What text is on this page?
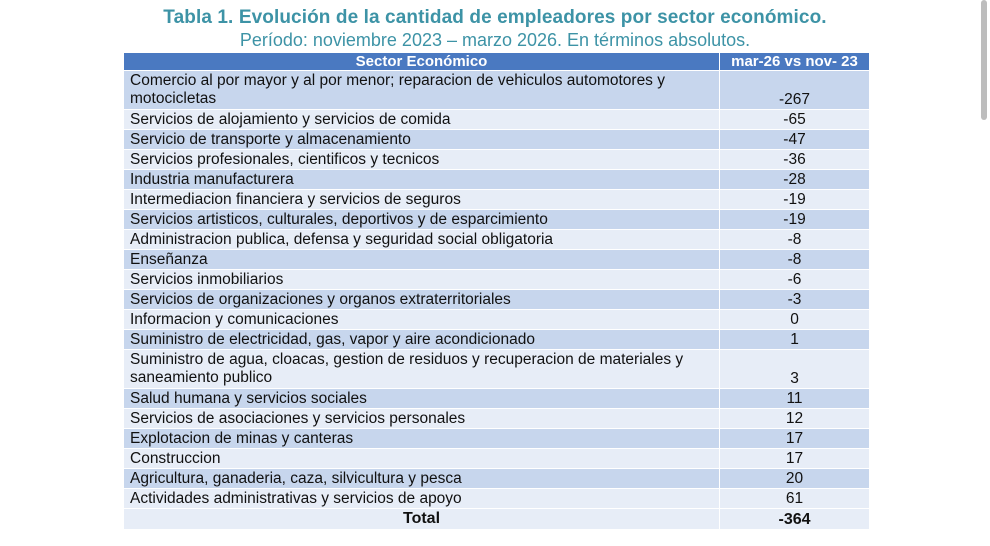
Tabla 1. Evolución de la cantidad de empleadores por sector económico.
Período: noviembre 2023 – marzo 2026. En términos absolutos.
Sector Económico	mar-26 vs nov- 23
Comercio al por mayor y al por menor; reparacion de vehiculos automotores y motocicletas	-267
Servicios de alojamiento y servicios de comida	-65
Servicio de transporte y almacenamiento	-47
Servicios profesionales, cientificos y tecnicos	-36
Industria manufacturera	-28
Intermediacion financiera y servicios de seguros	-19
Servicios artisticos, culturales, deportivos y de esparcimiento	-19
Administracion publica, defensa y seguridad social obligatoria	-8
Enseñanza	-8
Servicios inmobiliarios	-6
Servicios de organizaciones y organos extraterritoriales	-3
Informacion y comunicaciones	0
Suministro de electricidad, gas, vapor y aire acondicionado	1
Suministro de agua, cloacas, gestion de residuos y recuperacion de materiales y saneamiento publico	3
Salud humana y servicios sociales	11
Servicios de asociaciones y servicios personales	12
Explotacion de minas y canteras	17
Construccion	17
Agricultura, ganaderia, caza, silvicultura y pesca	20
Actividades administrativas y servicios de apoyo	61
Total	-364
